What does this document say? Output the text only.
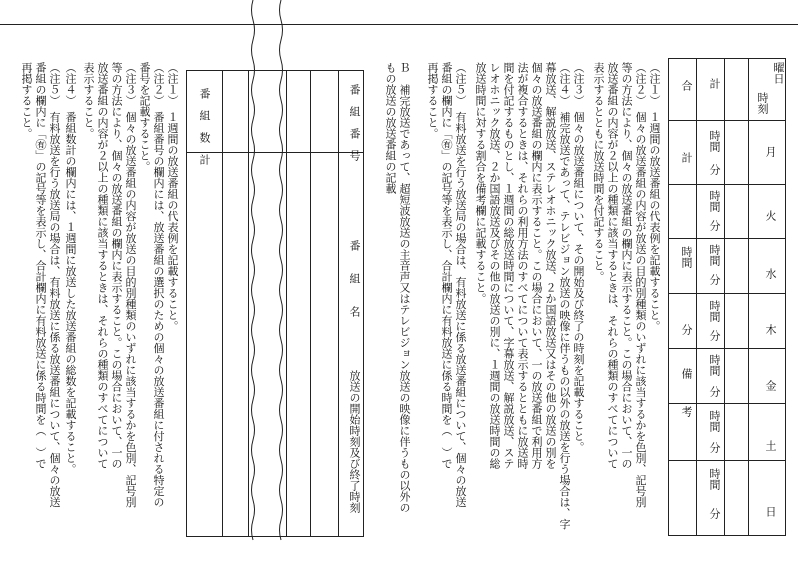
曜日
時刻
日
土
金
木
水
火
月
計
時間
分
時間
分
時間
分
時間
分
時間
分
時間
分
時間
分
合
計
時間
分
備
考
（注１）　１週間の放送番組の代表例を記載すること。
（注２）　個々の放送番組の内容が放送の目的別種類のいずれに該当するかを色別、記号別
等の方法により、個々の放送番組の欄内に表示すること。この場合において、一の
放送番組の内容が２以上の種類に該当するときは、それらの種類のすべてについて
表示するとともに放送時間を付記すること。
（注３）　個々の放送番組について、その開始及び終了の時刻を記載すること。
（注４）　補完放送であって、テレビジョン放送の映像に伴うもの以外の放送を行う場合は、字
幕放送、解説放送、ステレオホニック放送、２か国語放送又はその他の放送の別を
個々の放送番組の欄内に表示すること。この場合において、一の放送番組で利用方
法が複合するときは、それらの利用方法のすべてについて表示するとともに放送時
間を付記するものとし、１週間の総放送時間について、字幕放送、解説放送、ステ
レオホニック放送、２か国語放送及びその他の放送の別に、１週間の放送時間の総
放送時間に対する割合を備考欄に記載すること。
（注５）　有料放送を行う放送局の場合は、有料放送に係る放送番組について、個々の放送
番組の欄内に「㊒」の記号等を表示し、合計欄内に有料放送に係る時間を（　）で
再掲すること。
Ｂ　補完放送であって、超短波放送の主音声又はテレビジョン放送の映像に伴うもの以外の
もの放送の放送番組の記載
番　組　番　号
番　　組　　名
放送の開始時刻及び終了時刻
番　組　数　計
（注１）　１週間の放送番組の代表例を記載すること。
（注２）　番組番号の欄内には、放送番組の選択のための個々の放送番組に付される特定の
番号を記載すること。
（注３）　個々の放送番組の内容が放送の目的別種類のいずれに該当するかを色別、記号別
等の方法により、個々の放送番組の欄内に表示すること。この場合において、一の
放送番組の内容が２以上の種類に該当するときは、それらの種類のすべてについて
表示すること。
（注４）　番組数計の欄内には、１週間に放送した放送番組の総数を記載すること。
（注５）　有料放送を行う放送局の場合は、有料放送に係る放送番組について、個々の放送
番組の欄内に「㊒」の記号等を表示し、合計欄内に有料放送に係る時間を（　）で
再掲すること。
